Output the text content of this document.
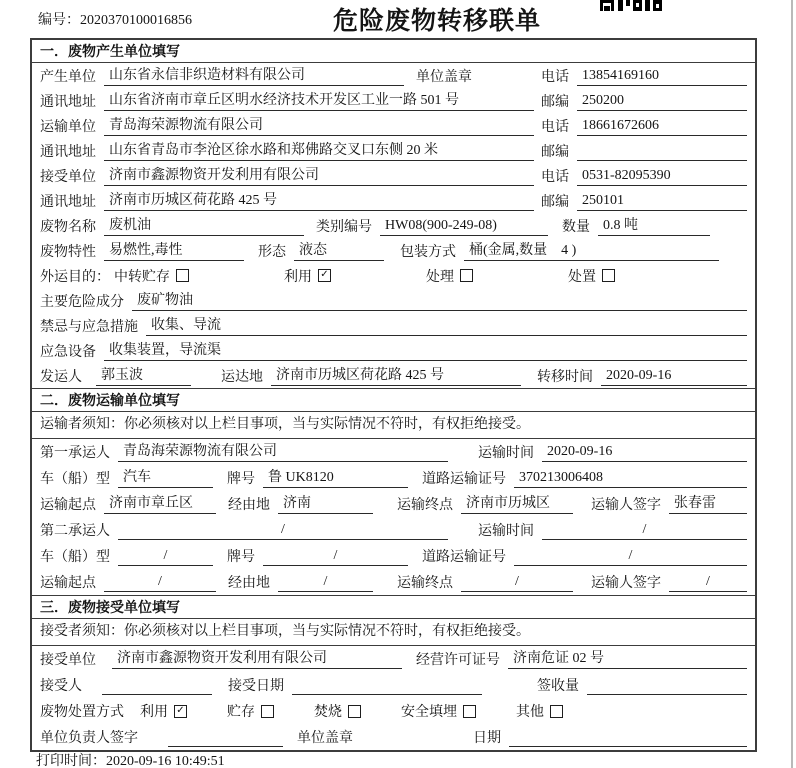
编号：2020370100016856	危险废物转移联单
一．废物产生单位填写
产生单位 山东省永信非织造材料有限公司	单位盖章	电话 13854169160
通讯地址 山东省济南市章丘区明水经济技术开发区工业一路 501 号	邮编 250200
运输单位 青岛海荣源物流有限公司	电话 18661672606
通讯地址 山东省青岛市李沧区徐水路和郑佛路交叉口东侧 20 米	邮编
接受单位 济南市鑫源物资开发利用有限公司	电话 0531-82095390
通讯地址 济南市历城区荷花路 425 号	邮编 250101
废物名称 废机油	类别编号 HW08(900-249-08)	数量 0.8 吨
废物特性 易燃性,毒性	形态 液态	包装方式 桶(金属,数量　4 )
外运目的： 中转贮存	利用 ✓	处理	处置
主要危险成分 废矿物油
禁忌与应急措施 收集、导流
应急设备 收集装置，导流渠
发运人	郭玉波	运达地 济南市历城区荷花路 425 号	转移时间 2020-09-16
二．废物运输单位填写
运输者须知：你必须核对以上栏目事项，当与实际情况不符时，有权拒绝接受。
第一承运人 青岛海荣源物流有限公司	运输时间 2020-09-16
车（船）型 汽车	牌号 鲁 UK8120	道路运输证号 370213006408
运输起点 济南市章丘区	经由地 济南	运输终点 济南市历城区	运输人签字 张春雷
第二承运人	/	运输时间	/
车（船）型	/	牌号	/	道路运输证号	/
运输起点	/	经由地	/	运输终点	/	运输人签字	/
三．废物接受单位填写
接受者须知：你必须核对以上栏目事项，当与实际情况不符时，有权拒绝接受。
接受单位	济南市鑫源物资开发利用有限公司	经营许可证号 济南危证 02 号
接受人	接受日期	签收量
废物处置方式 利用 ✓	贮存	焚烧	安全填埋	其他
单位负责人签字	单位盖章	日期
打印时间：2020-09-16 10:49:51
